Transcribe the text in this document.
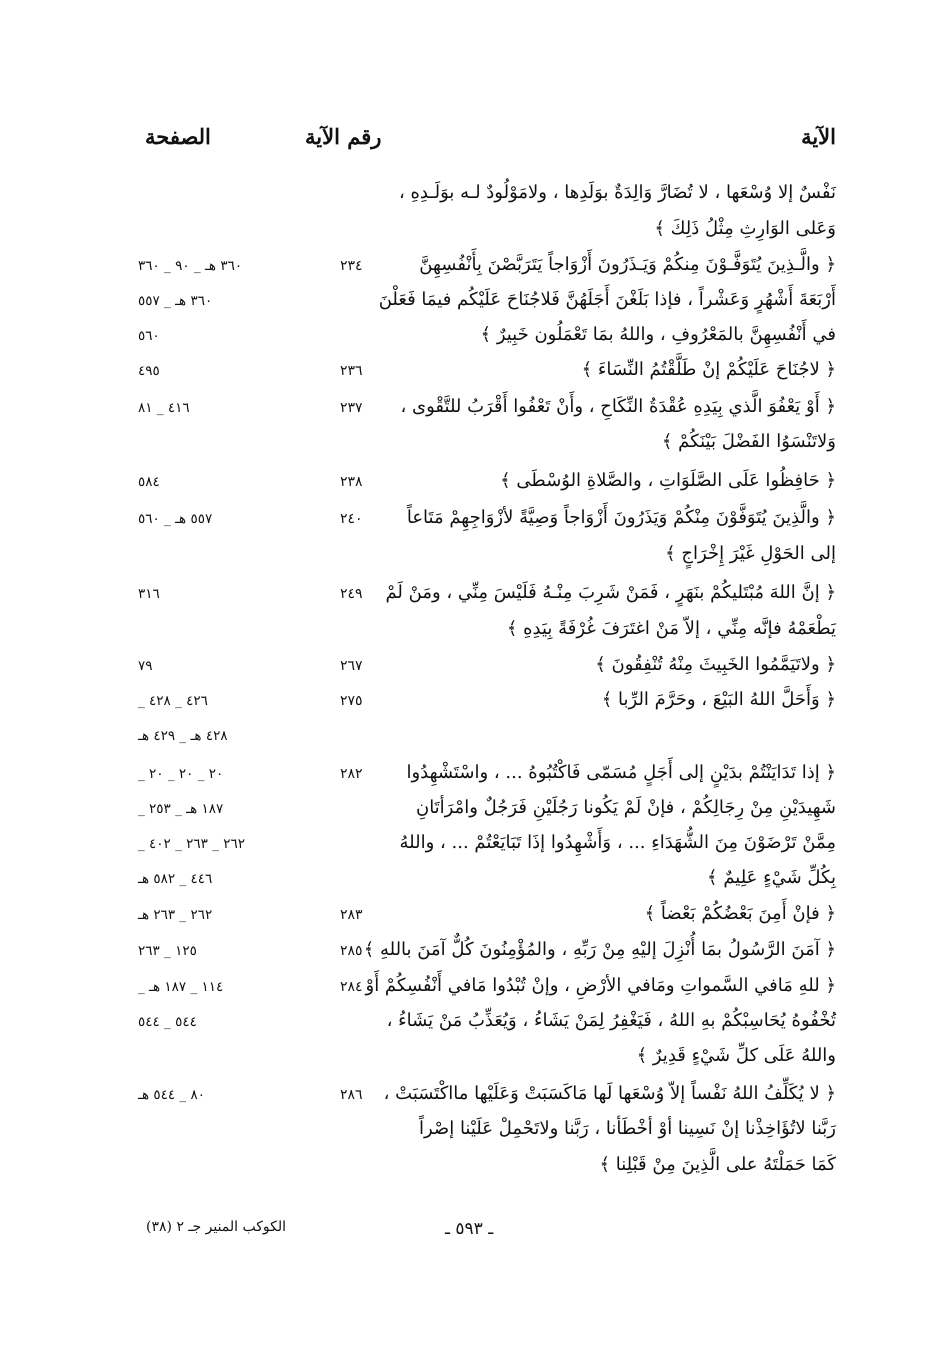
الآية
رقم الآية
الصفحة
نَفْسٌ إلا وُسْعَها ، لا تُضَارَّ وَالِدَةٌ بوَلَدِها ، ولامَوْلُودٌ لـه بوَلَـدِهِ ،
وَعَلى الوَارِثِ مِثْلُ ذَلِكَ ﴾
﴿ والَّـذِينَ يُتَوَفَّـوْنَ مِنكُمْ وَيَـذَرُونَ أَزْوَاجاً يَتَرَبَّصْنَ بِأَنْفُسِهِنَّ
٢٣٤
٣٦٠ هـ _ ٩٠ _ ٣٦٠
أَرْبَعَةَ أَشْهُرٍ وَعَشْراً ، فإذا بَلَغْنَ أَجَلَهُنَّ فَلاجُنَاحَ عَلَيْكُم فيمَا فَعَلْنَ
٣٦٠ هـ _ ٥٥٧
في أَنْفُسِهِنَّ بالمَعْرُوفِ ، واللهُ بمَا تَعْمَلُون خَبِيرٌ ﴾
٥٦٠
﴿ لاجُنَاحَ عَلَيْكُمْ إنْ طَلَّقْتُمُ النِّسَاءَ ﴾
٢٣٦
٤٩٥
﴿ أَوْ يَعْفُوَ الَّذي بِيَدِهِ عُقْدَةُ النِّكَاحِ ، وأَنْ تَعْفُوا أَقْرَبُ للتَّقْوى ،
٢٣٧
٤١٦ _ ٨١
وَلاتَنْسَوُا الفَضْلَ بَيْنَكُمْ ﴾
﴿ حَافِظُوا عَلَى الصَّلَوَاتِ ، والصَّلاةِ الوُسْطَى ﴾
٢٣٨
٥٨٤
﴿ والَّذِينَ يُتَوَفَّوْنَ مِنْكُمْ وَيَذَرُونَ أَزْوَاجاً وَصِيَّةً لأزْوَاجِهِمْ مَتَاعاً
٢٤٠
٥٥٧ هـ _ ٥٦٠
إلى الحَوْلِ غَيْرَ إِخْرَاجٍ ﴾
﴿ إنَّ اللهَ مُبْتَليكُمْ بنَهَرٍ ، فَمَنْ شَرِبَ مِنْـهُ فَلَيْسَ مِنِّي ، ومَنْ لَمْ
٢٤٩
٣١٦
يَطْعَمْهُ فإنَّه مِنِّي ، إلاّ مَنْ اغتَرَفَ غُرْفَةً بِيَدِهِ ﴾
﴿ ولاتَيَمَّمُوا الخَبِيثَ مِنْهُ تُنْفِقُونَ ﴾
٢٦٧
٧٩
﴿ وَأَحَلَّ اللهُ البَيْعَ ، وحَرَّمَ الرِّبا ﴾
٢٧٥
٤٢٦ _ ٤٢٨ _
٤٢٨ هـ _ ٤٢٩ هـ
﴿ إذا تَدَايَنْتُمْ بدَيْنٍ إلى أَجَلٍ مُسَمّى فَاكْتُبُوهُ ... ، واسْتَشْهِدُوا
٢٨٢
٢٠ _ ٢٠ _ ٢٠ _
شَهِيدَيْنِ مِنْ رِجَالِكُمْ ، فإنْ لَمْ يَكُونا رَجُلَيْنِ فَرَجُلٌ وامْرَأتَانِ
١٨٧ هـ _ ٢٥٣ _
مِمَّنْ تَرْضَوْنَ مِنَ الشُّهَدَاءِ ... ، وَأَشْهِدُوا إذَا تَبَايَعْتُمْ ... ، واللهُ
٢٦٢ _ ٢٦٣ _ ٤٠٢ _
بِكُلِّ شَيْءٍ عَلِيمٌ ﴾
٤٤٦ _ ٥٨٢ هـ
﴿ فإنْ أَمِنَ بَعْضُكُمْ بَعْضاً ﴾
٢٨٣
٢٦٢ _ ٢٦٣ هـ
﴿ آمَنَ الرَّسُولُ بمَا أُنْزِلَ إليْهِ مِنْ رَبِّهِ ، والمُؤْمِنُونَ كُلٌّ آمَنَ باللهِ ﴾
٢٨٥
١٢٥ _ ٢٦٣
﴿ للهِ مَافي السَّمواتِ ومَافي الأرْضِ ، وإنْ تُبْدُوا مَافي أَنْفُسِكُمْ أَوْ
٢٨٤
١١٤ _ ١٨٧ هـ _
تُخْفُوهُ يُحَاسِبْكُمْ بهِ اللهُ ، فَيَغْفِرُ لِمَنْ يَشَاءُ ، وَيُعَذِّبُ مَنْ يَشَاءُ ،
٥٤٤ _ ٥٤٤
واللهُ عَلَى كلِّ شَيْءٍ قَدِيرٌ ﴾
﴿ لا يُكَلِّفُ اللهُ نَفْساً إلاّ وُسْعَها لَها مَاكَسَبَتْ وَعَلَيْها مااكْتَسَبَتْ ،
٢٨٦
٨٠ _ ٥٤٤ هـ
رَبَّنا لاتُؤَاخِذْنا إنْ نَسِينا أوْ أخْطَأنا ، رَبَّنا ولاتَحْمِلْ عَلَيْنا إصْراً
كَمَا حَمَلْتَهُ على الَّذِينَ مِنْ قَبْلِنا ﴾
ـ ٥٩٣ ـ
الكوكب المنير جـ ٢ (٣٨)
